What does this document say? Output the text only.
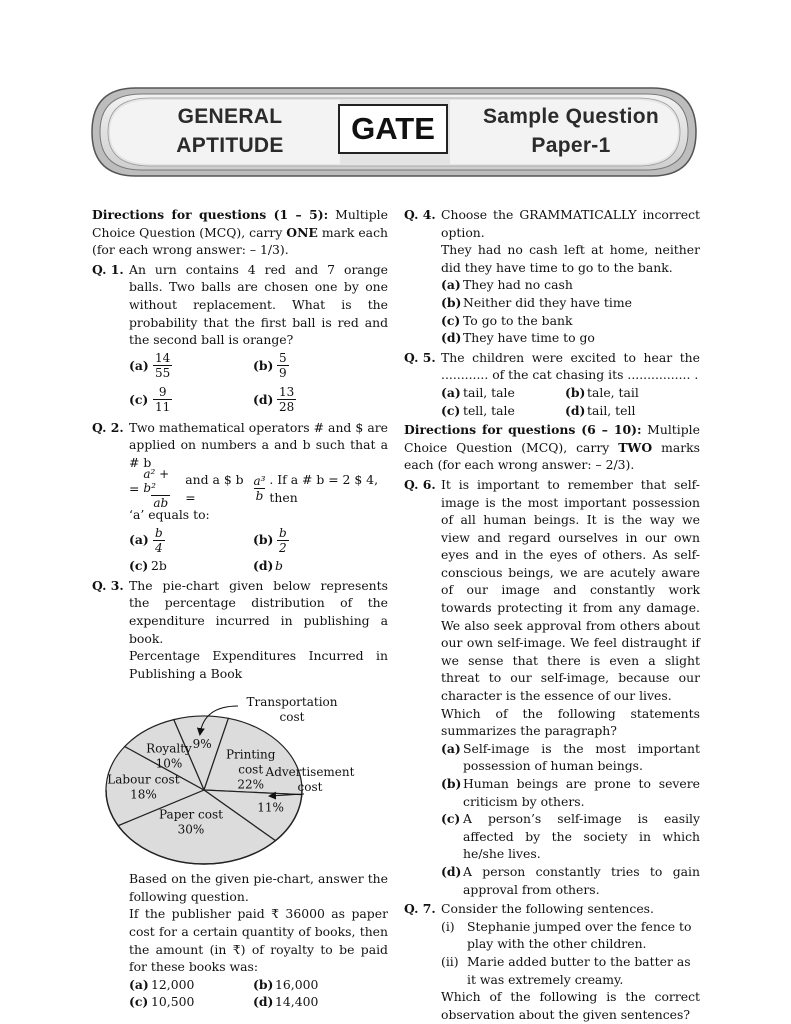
GENERAL
APTITUDE	GATE	Sample Question
Paper-1

Directions for questions (1 – 5): Multiple Choice Question (MCQ), carry ONE mark each (for each wrong answer: – 1/3).

Q. 1. An urn contains 4 red and 7 orange balls. Two balls are chosen one by one without replacement. What is the probability that the first ball is red and the second ball is orange?

$(a) \frac{14}{55}$	$(b) \frac{5}{9}$
$(c) \frac{9}{11}$	$(d) \frac{13}{28}$
Q. 2. Two mathematical operators # and $ are applied on numbers a and b such that a # b

= $\frac{\text{a² + b²}}{ab}$ and a $ b =	$\frac{\text{a³}}{b}$ . If a # b = 2 $ 4, then

‘a’ equals to:

$(a) \frac{b}{4}$	$(b) \frac{b}{2}$
(c) 2b	(d) b
Q. 3. The pie-chart given below represents the percentage distribution of the expenditure incurred in publishing a book.

Percentage Expenditures Incurred in

Publishing a Book

9%
Printing cost 22%
11%
Paper cost 30%
Labour cost 18%
Royalty 10%
Transportation cost
Advertisement cost

Based on the given pie-chart, answer the following question.

If the publisher paid ₹ 36000 as paper cost for a certain quantity of books, then the amount (in ₹) of royalty to be paid for these books was:

(a) 12,000	(b) 16,000
(c) 10,500	(d) 14,400
Q. 4. Choose the GRAMMATICALLY incorrect option.

They had no cash left at home, neither did they have time to go to the bank.

(a) They had no cash
(b) Neither did they have time
(c) To go to the bank
(d) They have time to go
Q. 5. The children were excited to hear the ............ of the cat chasing its ................ .

(a) tail, tale	(b) tale, tail
(c) tell, tale	(d) tail, tell

Directions for questions (6 – 10): Multiple Choice Question (MCQ), carry TWO marks each (for each wrong answer: – 2/3).

Q. 6. It is important to remember that self-image is the most important possession of all human beings. It is the way we view and regard ourselves in our own eyes and in the eyes of others. As self-conscious beings, we are acutely aware of our image and constantly work towards protecting it from any damage. We also seek approval from others about our own self-image. We feel distraught if we sense that there is even a slight threat to our self-image, because our character is the essence of our lives.

Which of the following statements summarizes the paragraph?

(a) Self-image is the most important possession of human beings.
(b) Human beings are prone to severe criticism by others.
(c) A person’s self-image is easily affected by the society in which he/she lives.
(d) A person constantly tries to gain approval from others.
Q. 7. Consider the following sentences.

(i) Stephanie jumped over the fence to play with the other children.
(ii) Marie added butter to the batter as it was extremely creamy.

Which of the following is the correct observation about the given sentences?
